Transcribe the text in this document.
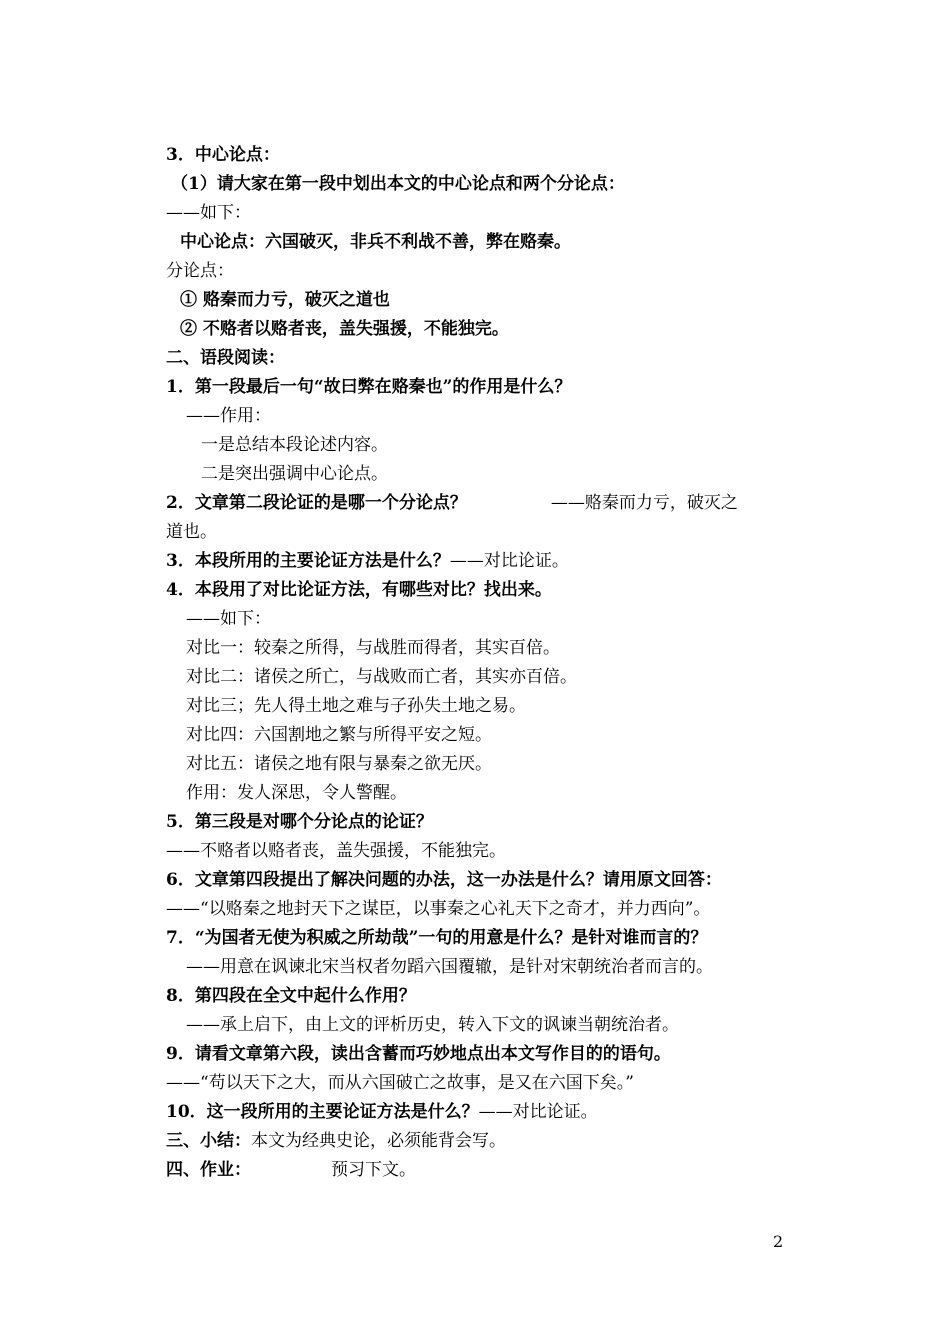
3．中心论点：
（1）请大家在第一段中划出本文的中心论点和两个分论点：
——如下：
中心论点：六国破灭，非兵不利战不善，弊在赂秦。
分论点：
① 赂秦而力亏，破灭之道也
② 不赂者以赂者丧，盖失强援，不能独完。
二、语段阅读：
1．第一段最后一句“故曰弊在赂秦也”的作用是什么？
——作用：
一是总结本段论述内容。
二是突出强调中心论点。
2．文章第二段论证的是哪一个分论点？	——赂秦而力亏，破灭之
道也。
3．本段所用的主要论证方法是什么？——对比论证。
4．本段用了对比论证方法，有哪些对比？找出来。
——如下：
对比一：较秦之所得，与战胜而得者，其实百倍。
对比二：诸侯之所亡，与战败而亡者，其实亦百倍。
对比三；先人得土地之难与子孙失土地之易。
对比四：六国割地之繁与所得平安之短。
对比五：诸侯之地有限与暴秦之欲无厌。
作用：发人深思，令人警醒。
5．第三段是对哪个分论点的论证？
——不赂者以赂者丧，盖失强援，不能独完。
6．文章第四段提出了解决问题的办法，这一办法是什么？请用原文回答：
——“以赂秦之地封天下之谋臣，以事秦之心礼天下之奇才，并力西向”。
7．“为国者无使为积威之所劫哉”一句的用意是什么？是针对谁而言的？
——用意在讽谏北宋当权者勿蹈六国覆辙，是针对宋朝统治者而言的。
8．第四段在全文中起什么作用？
——承上启下，由上文的评析历史，转入下文的讽谏当朝统治者。
9．请看文章第六段，读出含蓄而巧妙地点出本文写作目的的语句。
——“苟以天下之大，而从六国破亡之故事，是又在六国下矣。”
10．这一段所用的主要论证方法是什么？——对比论证。
三、小结：本文为经典史论，必须能背会写。
四、作业：	预习下文。
2
